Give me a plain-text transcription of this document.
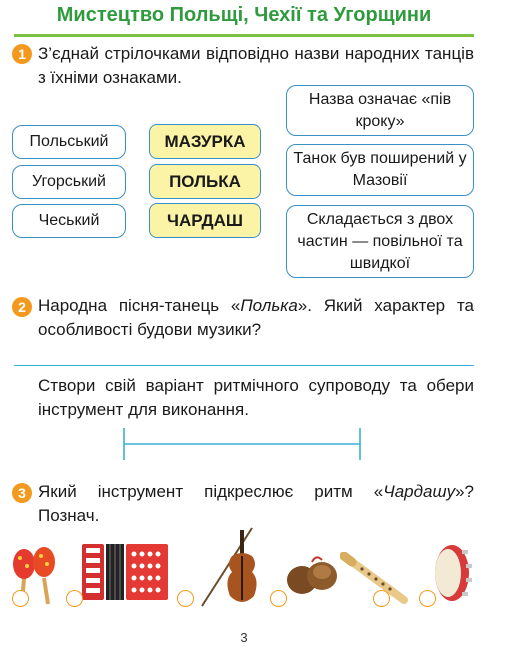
Мистецтво Польщі, Чехії та Угорщини
1 З’єднай стрілочками відповідно назви народних танців з їхніми ознаками.
Польський
Угорський
Чеський
МАЗУРКА
ПОЛЬКА
ЧАРДАШ
Назва означає «пів кроку»
Танок був поширений у Мазовії
Складається з двох частин — повільної та швидкої
2 Народна пісня-танець «Полька». Який характер та особливості будови музики?
Створи свій варіант ритмічного супроводу та обери інструмент для виконання.
3 Який інструмент підкреслює ритм «Чардашу»? Познач.
3
